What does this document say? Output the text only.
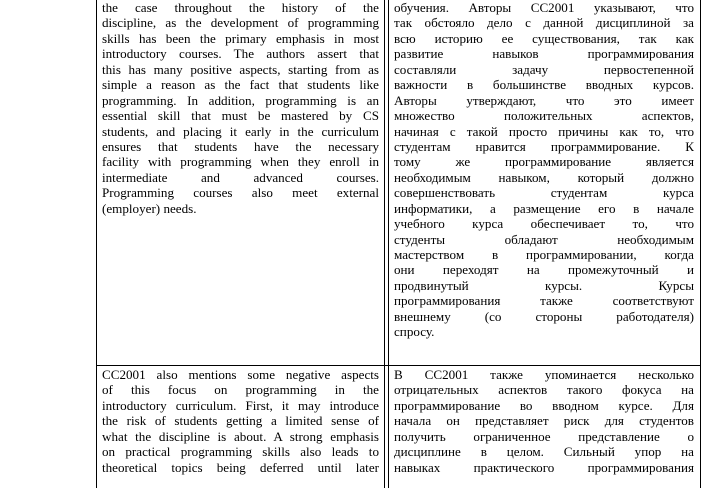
the case throughout the history of the
discipline, as the development of programming
skills has been the primary emphasis in most
introductory courses. The authors assert that
this has many positive aspects, starting from as
simple a reason as the fact that students like
programming. In addition, programming is an
essential skill that must be mastered by CS
students, and placing it early in the curriculum
ensures that students have the necessary
facility with programming when they enroll in
intermediate and advanced courses.
Programming courses also meet external
(employer) needs.
обучения. Авторы CC2001 указывают, что
так обстояло дело с данной дисциплиной за
всю историю ее существования, так как
развитие навыков программирования
составляли задачу первостепенной
важности в большинстве вводных курсов.
Авторы утверждают, что это имеет
множество положительных аспектов,
начиная с такой просто причины как то, что
студентам нравится программирование. К
тому же программирование является
необходимым навыком, который должно
совершенствовать студентам курса
информатики, а размещение его в начале
учебного курса обеспечивает то, что
студенты обладают необходимым
мастерством в программировании, когда
они переходят на промежуточный и
продвинутый курсы. Курсы
программирования также соответствуют
внешнему (со стороны работодателя)
спросу.
CC2001 also mentions some negative aspects
of this focus on programming in the
introductory curriculum. First, it may introduce
the risk of students getting a limited sense of
what the discipline is about. A strong emphasis
on practical programming skills also leads to
theoretical topics being deferred until later
В CC2001 также упоминается несколько
отрицательных аспектов такого фокуса на
программирование во вводном курсе. Для
начала он представляет риск для студентов
получить ограниченное представление о
дисциплине в целом. Сильный упор на
навыках практического программирования
